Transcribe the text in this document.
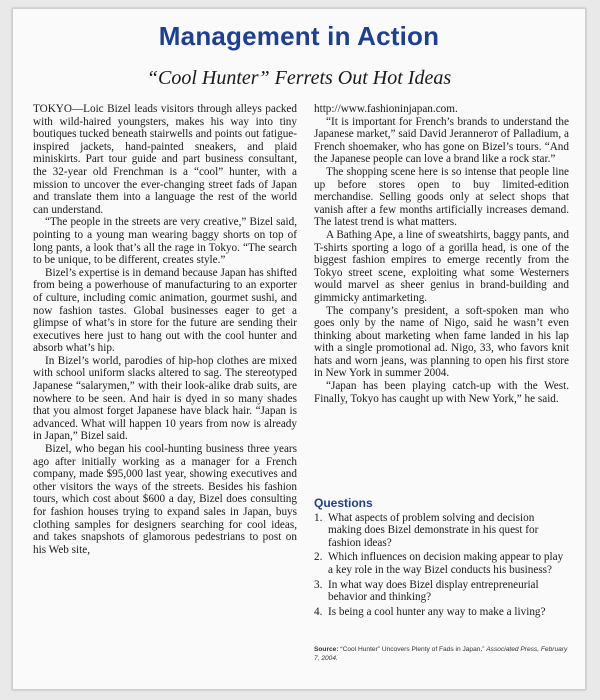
Management in Action
“Cool Hunter” Ferrets Out Hot Ideas

TOKYO—Loic Bizel leads visitors through alleys packed with wild-haired youngsters, makes his way into tiny boutiques tucked beneath stairwells and points out fatigue-inspired jackets, hand-painted sneakers, and plaid miniskirts. Part tour guide and part business consultant, the 32-year old Frenchman is a “cool” hunter, with a mission to uncover the ever-changing street fads of Japan and translate them into a language the rest of the world can understand.

“The people in the streets are very creative,” Bizel said, pointing to a young man wearing baggy shorts on top of long pants, a look that’s all the rage in Tokyo. “The search to be unique, to be different, creates style.”

Bizel’s expertise is in demand because Japan has shifted from being a powerhouse of manufacturing to an exporter of culture, including comic animation, gourmet sushi, and now fashion tastes. Global businesses eager to get a glimpse of what’s in store for the future are sending their executives here just to hang out with the cool hunter and absorb what’s hip.

In Bizel’s world, parodies of hip-hop clothes are mixed with school uniform slacks altered to sag. The stereotyped Japanese “salarymen,” with their look-alike drab suits, are nowhere to be seen. And hair is dyed in so many shades that you almost forget Japanese have black hair. “Japan is advanced. What will happen 10 years from now is already in Japan,” Bizel said.

Bizel, who began his cool-hunting business three years ago after initially working as a manager for a French company, made $95,000 last year, showing executives and other visitors the ways of the streets. Besides his fashion tours, which cost about $600 a day, Bizel does consulting for fashion houses trying to expand sales in Japan, buys clothing samples for designers searching for cool ideas, and takes snapshots of glamorous pedestrians to post on his Web site,

http://www.fashioninjapan.com.

“It is important for French’s brands to understand the Japanese market,” said David Jeranneroт of Palladium, a French shoemaker, who has gone on Bizel’s tours. “And the Japanese people can love a brand like a rock star.”

The shopping scene here is so intense that people line up before stores open to buy limited-edition merchandise. Selling goods only at select shops that vanish after a few months artificially increases demand. The latest trend is what matters.

A Bathing Ape, a line of sweatshirts, baggy pants, and T-shirts sporting a logo of a gorilla head, is one of the biggest fashion empires to emerge recently from the Tokyo street scene, exploiting what some Westerners would marvel as sheer genius in brand-building and gimmicky antimarketing.

The company’s president, a soft-spoken man who goes only by the name of Nigo, said he wasn’t even thinking about marketing when fame landed in his lap with a single promotional ad. Nigo, 33, who favors knit hats and worn jeans, was planning to open his first store in New York in summer 2004.

“Japan has been playing catch-up with the West. Finally, Tokyo has caught up with New York,” he said.

Questions
1. What aspects of problem solving and decision making does Bizel demonstrate in his quest for fashion ideas?
2. Which influences on decision making appear to play a key role in the way Bizel conducts his business?
3. In what way does Bizel display entrepreneurial behavior and thinking?
4. Is being a cool hunter any way to make a living?
Source: “Cool Hunter” Uncovers Plenty of Fads in Japan,” Associated Press, February 7, 2004.
